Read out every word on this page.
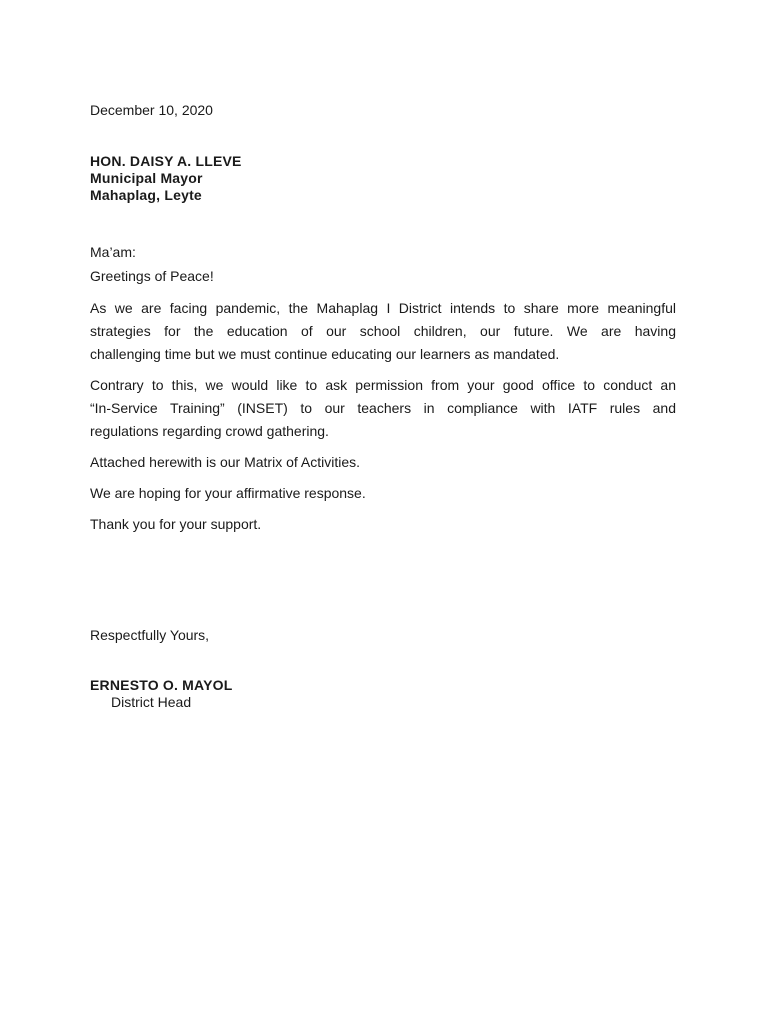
December 10, 2020
HON. DAISY A. LLEVE
Municipal Mayor
Mahaplag, Leyte
Ma’am:
Greetings of Peace!
As we are facing pandemic, the Mahaplag I District intends to share more meaningful
strategies for the education of our school children, our future. We are having
challenging time but we must continue educating our learners as mandated.
Contrary to this, we would like to ask permission from your good office to conduct an
“In-Service Training” (INSET) to our teachers in compliance with IATF rules and
regulations regarding crowd gathering.
Attached herewith is our Matrix of Activities.
We are hoping for your affirmative response.
Thank you for your support.
Respectfully Yours,
ERNESTO O. MAYOL
District Head
